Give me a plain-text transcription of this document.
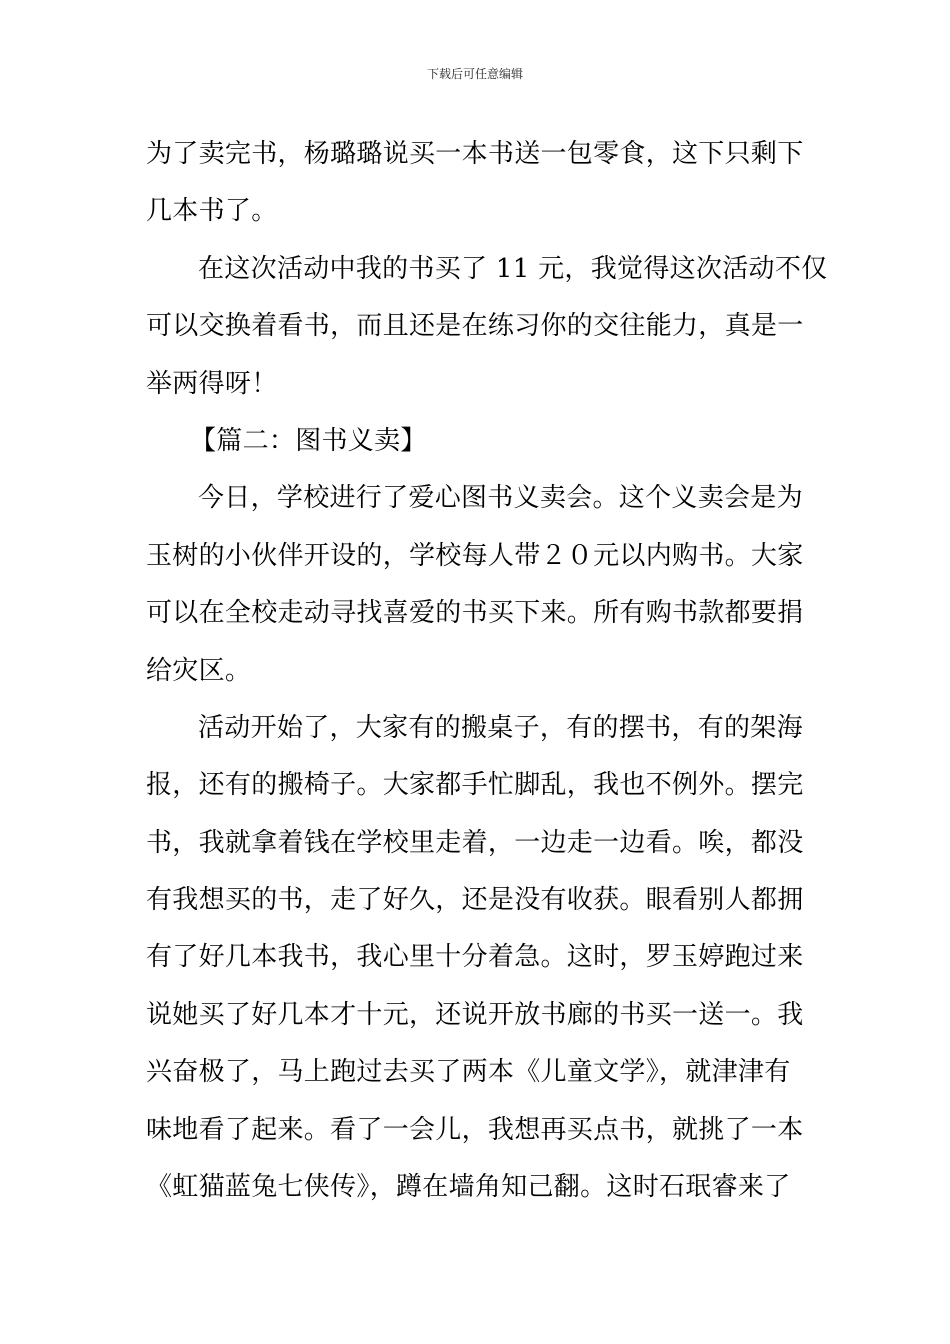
下载后可任意编辑
为了卖完书，杨璐璐说买一本书送一包零食，这下只剩下
几本书了。
在这次活动中我的书买了 11 元，我觉得这次活动不仅
可以交换着看书，而且还是在练习你的交往能力，真是一
举两得呀！
【篇二：图书义卖】
今日，学校进行了爱心图书义卖会。这个义卖会是为
玉树的小伙伴开设的，学校每人带２０元以内购书。大家
可以在全校走动寻找喜爱的书买下来。所有购书款都要捐
给灾区。
活动开始了，大家有的搬桌子，有的摆书，有的架海
报，还有的搬椅子。大家都手忙脚乱，我也不例外。摆完
书，我就拿着钱在学校里走着，一边走一边看。唉，都没
有我想买的书，走了好久，还是没有收获。眼看别人都拥
有了好几本我书，我心里十分着急。这时，罗玉婷跑过来
说她买了好几本才十元，还说开放书廊的书买一送一。我
兴奋极了，马上跑过去买了两本《儿童文学》，就津津有
味地看了起来。看了一会儿，我想再买点书，就挑了一本
《虹猫蓝兔七侠传》，蹲在墙角知己翻。这时石珉睿来了
